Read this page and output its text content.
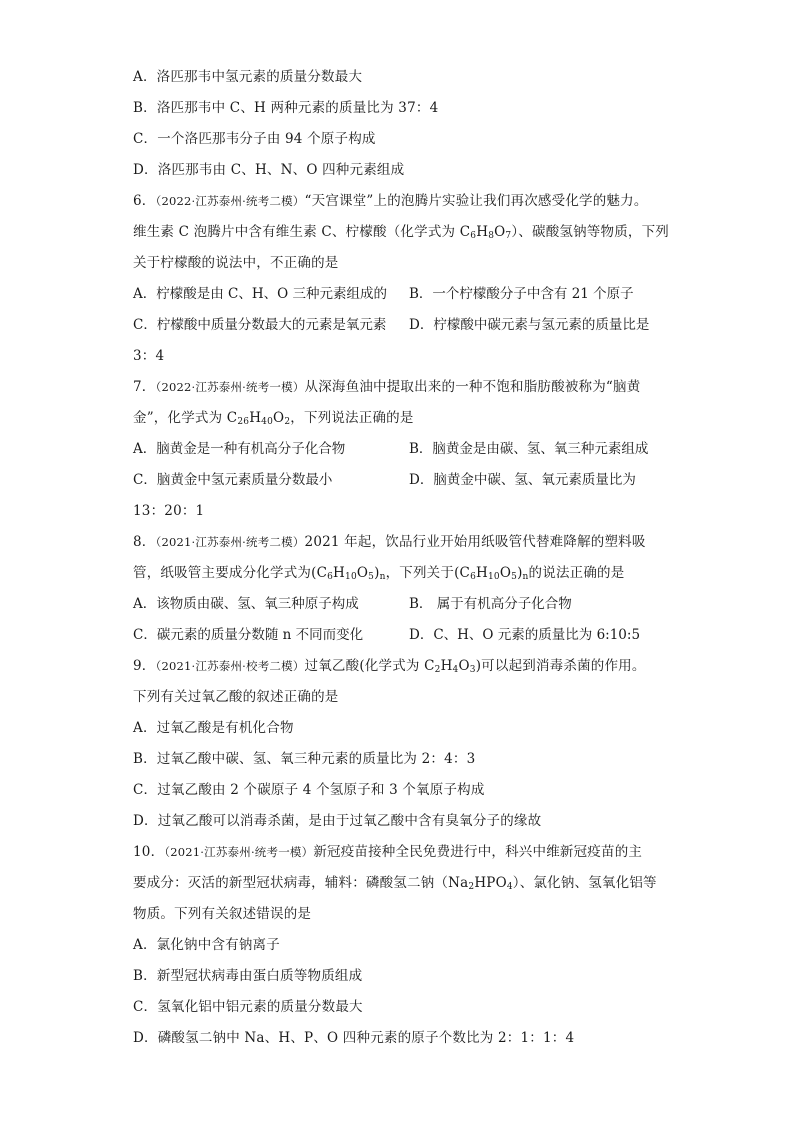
A．洛匹那韦中氢元素的质量分数最大
B．洛匹那韦中 C、H 两种元素的质量比为 37：4
C．一个洛匹那韦分子由 94 个原子构成
D．洛匹那韦由 C、H、N、O 四种元素组成
6．（2022·江苏泰州·统考二模）“天宫课堂”上的泡腾片实验让我们再次感受化学的魅力。
维生素 C 泡腾片中含有维生素 C、柠檬酸（化学式为 $C_6H_8O_7$）、碳酸氢钠等物质，下列
关于柠檬酸的说法中，不正确的是
A．柠檬酸是由 C、H、O 三种元素组成的	B．一个柠檬酸分子中含有 21 个原子
C．柠檬酸中质量分数最大的元素是氧元素	D．柠檬酸中碳元素与氢元素的质量比是
3：4
7．（2022·江苏泰州·统考一模）从深海鱼油中提取出来的一种不饱和脂肪酸被称为“脑黄
金”，化学式为 $C_{26}H_{40}O_2$，下列说法正确的是
A．脑黄金是一种有机高分子化合物	B．脑黄金是由碳、氢、氧三种元素组成
C．脑黄金中氢元素质量分数最小	D．脑黄金中碳、氢、氧元素质量比为
13：20：1
8．（2021·江苏泰州·统考二模）2021 年起，饮品行业开始用纸吸管代替难降解的塑料吸
管，纸吸管主要成分化学式为$(C_6H_{10}O_5)_n$，下列关于$(C_6H_{10}O_5)_n$的说法正确的是
A．该物质由碳、氢、氧三种原子构成	B． 属于有机高分子化合物
C．碳元素的质量分数随 n 不同而变化	D．C、H、O 元素的质量比为 6:10:5
9．（2021·江苏泰州·校考二模）过氧乙酸(化学式为 $C_2H_4O_3$)可以起到消毒杀菌的作用。
下列有关过氧乙酸的叙述正确的是
A．过氧乙酸是有机化合物
B．过氧乙酸中碳、氢、氧三种元素的质量比为 2：4：3
C．过氧乙酸由 2 个碳原子 4 个氢原子和 3 个氧原子构成
D．过氧乙酸可以消毒杀菌，是由于过氧乙酸中含有臭氧分子的缘故
10．（2021·江苏泰州·统考一模）新冠疫苗接种全民免费进行中，科兴中维新冠疫苗的主
要成分：灭活的新型冠状病毒，辅料：磷酸氢二钠$(Na_2HPO_4)$、氯化钠、氢氧化铝等
物质。下列有关叙述错误的是
A．氯化钠中含有钠离子
B．新型冠状病毒由蛋白质等物质组成
C．氢氧化铝中铝元素的质量分数最大
D．磷酸氢二钠中 Na、H、P、O 四种元素的原子个数比为 2：1：1：4
